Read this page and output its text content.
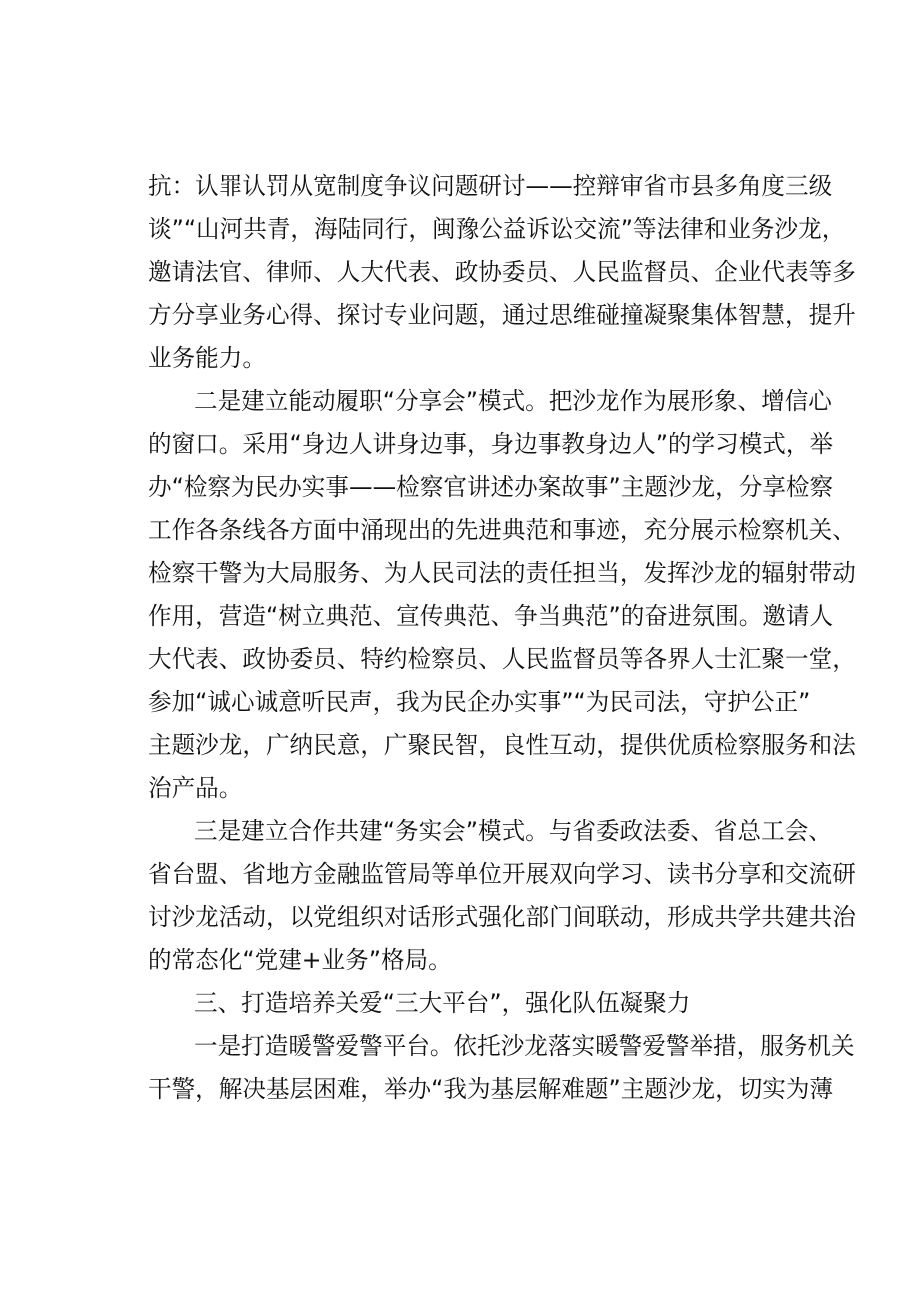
抗：认罪认罚从宽制度争议问题研讨——控辩审省市县多角度三级
谈”“山河共青，海陆同行，闽豫公益诉讼交流”等法律和业务沙龙，
邀请法官、律师、人大代表、政协委员、人民监督员、企业代表等多
方分享业务心得、探讨专业问题，通过思维碰撞凝聚集体智慧，提升
业务能力。
二是建立能动履职“分享会”模式。把沙龙作为展形象、增信心
的窗口。采用“身边人讲身边事，身边事教身边人”的学习模式，举
办“检察为民办实事——检察官讲述办案故事”主题沙龙，分享检察
工作各条线各方面中涌现出的先进典范和事迹，充分展示检察机关、
检察干警为大局服务、为人民司法的责任担当，发挥沙龙的辐射带动
作用，营造“树立典范、宣传典范、争当典范”的奋进氛围。邀请人
大代表、政协委员、特约检察员、人民监督员等各界人士汇聚一堂，
参加“诚心诚意听民声，我为民企办实事”“为民司法，守护公正”
主题沙龙，广纳民意，广聚民智，良性互动，提供优质检察服务和法
治产品。
三是建立合作共建“务实会”模式。与省委政法委、省总工会、
省台盟、省地方金融监管局等单位开展双向学习、读书分享和交流研
讨沙龙活动，以党组织对话形式强化部门间联动，形成共学共建共治
的常态化“党建+业务”格局。
三、打造培养关爱“三大平台”，强化队伍凝聚力
一是打造暖警爱警平台。依托沙龙落实暖警爱警举措，服务机关
干警，解决基层困难，举办“我为基层解难题”主题沙龙，切实为薄
